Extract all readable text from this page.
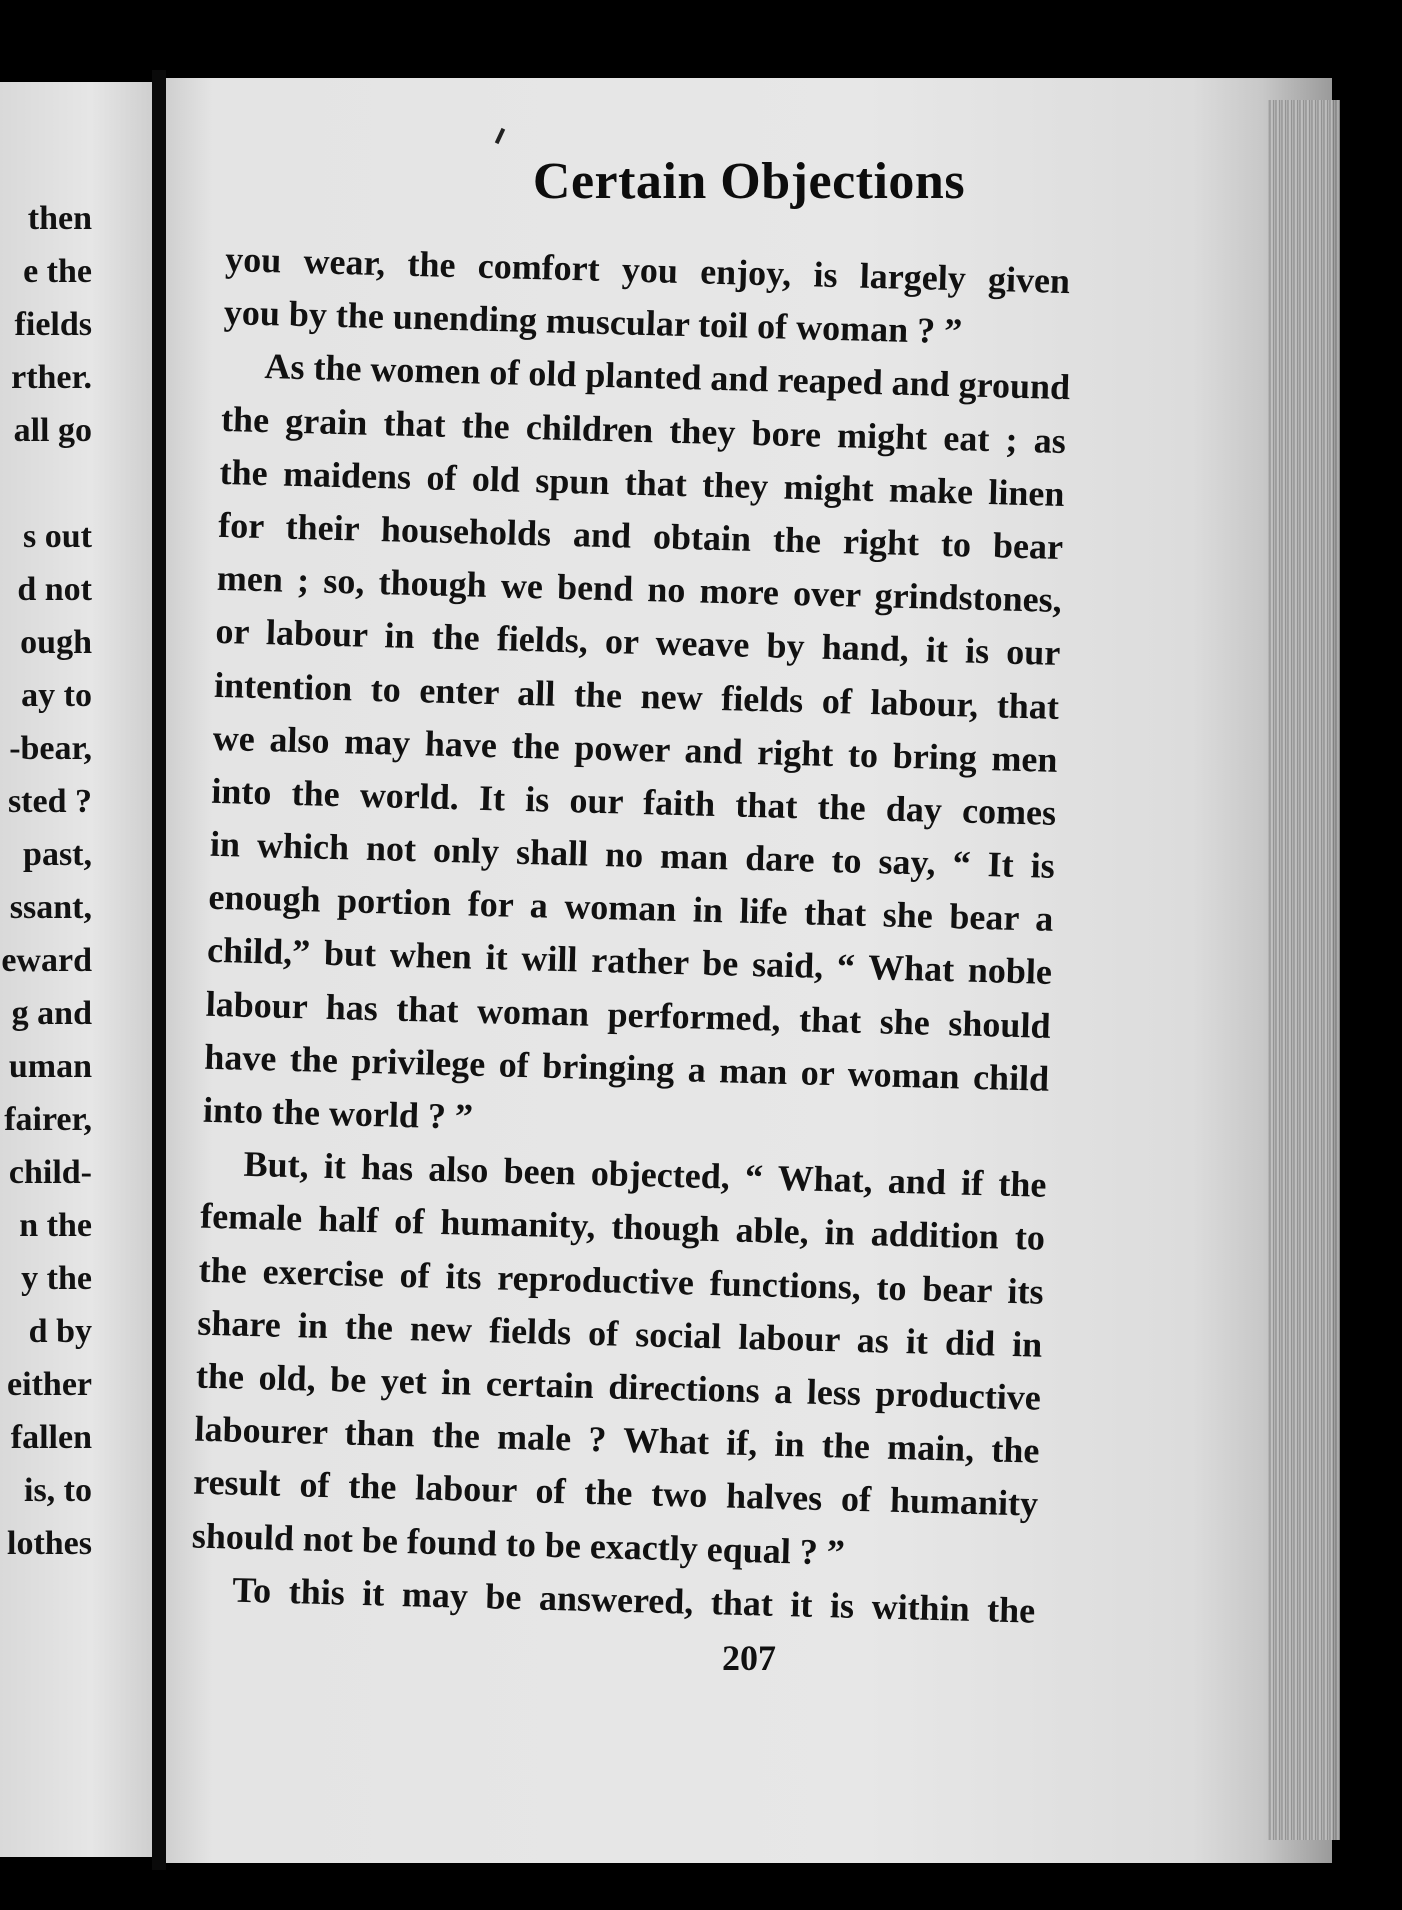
then
e the
fields
rther.
all go
s out
d not
ough
ay to
-bear,
sted ?
past,
ssant,
eward
g and
uman
fairer,
child-
n the
y the
d by
either
fallen
is, to
lothes
Certain Objections
you wear, the comfort you enjoy, is largely given
you by the unending muscular toil of woman ? ”
As the women of old planted and reaped and ground
the grain that the children they bore might eat ; as
the maidens of old spun that they might make linen
for their households and obtain the right to bear
men ; so, though we bend no more over grindstones,
or labour in the fields, or weave by hand, it is our
intention to enter all the new fields of labour, that
we also may have the power and right to bring men
into the world. It is our faith that the day comes
in which not only shall no man dare to say, “ It is
enough portion for a woman in life that she bear a
child,” but when it will rather be said, “ What noble
labour has that woman performed, that she should
have the privilege of bringing a man or woman child
into the world ? ”
But, it has also been objected, “ What, and if the
female half of humanity, though able, in addition to
the exercise of its reproductive functions, to bear its
share in the new fields of social labour as it did in
the old, be yet in certain directions a less productive
labourer than the male ? What if, in the main, the
result of the labour of the two halves of humanity
should not be found to be exactly equal ? ”
To this it may be answered, that it is within the
207
